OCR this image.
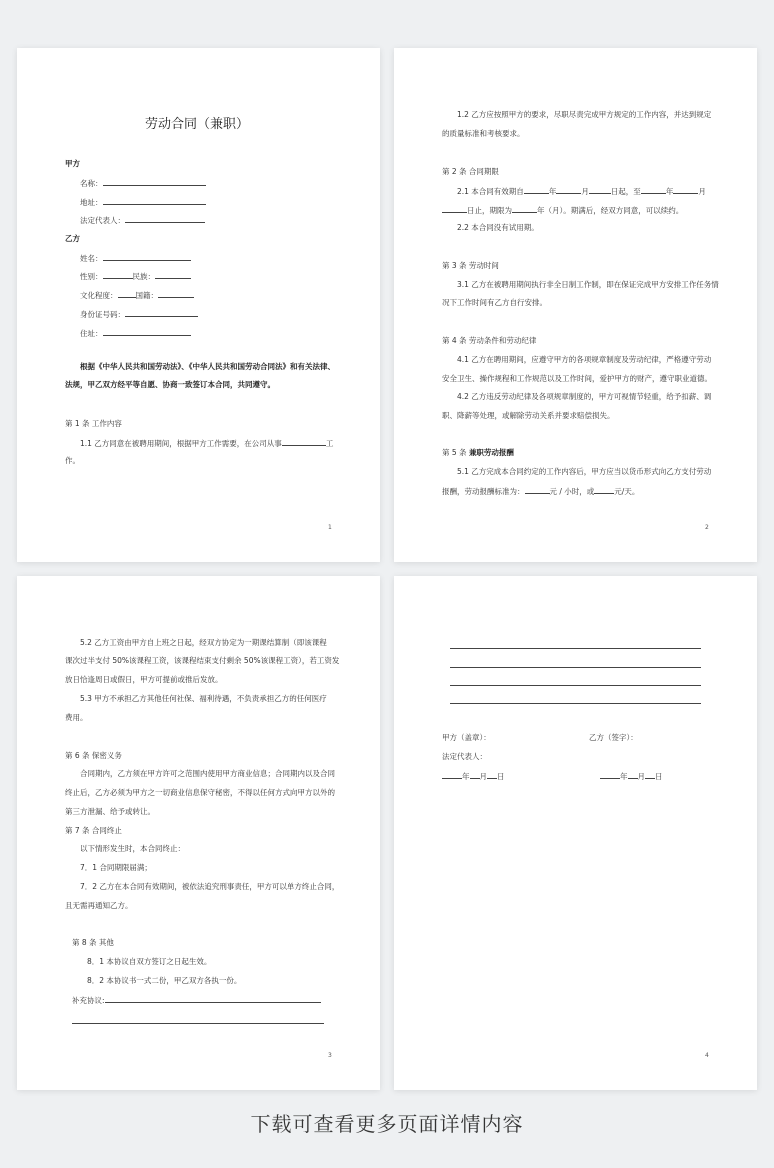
劳动合同（兼职）
甲方
名称：
地址：
法定代表人：
乙方
姓名：
性别：	民族：
文化程度： 国籍：
身份证号码：
住址：
根据《中华人民共和国劳动法》、《中华人民共和国劳动合同法》和有关法律、
法规，甲乙双方经平等自愿、协商一致签订本合同，共同遵守。
第 1 条 工作内容
1.1 乙方同意在被聘用期间，根据甲方工作需要，在公司从事	工
作。
1
1.2 乙方应按照甲方的要求，尽职尽责完成甲方规定的工作内容，并达到规定
的质量标准和考核要求。
第 2 条 合同期限
2.1 本合同有效期自	年	月	日起，至	年	月
日止，期限为	年（月）。期满后，经双方同意，可以续约。
2.2 本合同没有试用期。
第 3 条 劳动时间
3.1 乙方在被聘用期间执行非全日制工作制，即在保证完成甲方安排工作任务情
况下工作时间有乙方自行安排。
第 4 条 劳动条件和劳动纪律
4.1 乙方在聘用期间，应遵守甲方的各项规章制度及劳动纪律，严格遵守劳动
安全卫生、操作规程和工作规范以及工作时间，爱护甲方的财产，遵守职业道德。
4.2 乙方违反劳动纪律及各项规章制度的，甲方可视情节轻重，给予扣薪、调
职、降薪等处理，或解除劳动关系并要求赔偿损失。
第 5 条 兼职劳动报酬
5.1 乙方完成本合同约定的工作内容后，甲方应当以货币形式向乙方支付劳动
报酬，劳动报酬标准为：	元 / 小时，或	元/天。
2
5.2 乙方工资由甲方自上班之日起，经双方协定为一期课结算制（即该课程
课次过半支付 50%该课程工资，该课程结束支付剩余 50%该课程工资），若工资发
放日恰逢周日或假日，甲方可提前或推后发放。
5.3 甲方不承担乙方其他任何社保、福利待遇，不负责承担乙方的任何医疗
费用。
第 6 条 保密义务
合同期内，乙方须在甲方许可之范围内使用甲方商业信息；合同期内以及合同
终止后，乙方必须为甲方之一切商业信息保守秘密，不得以任何方式向甲方以外的
第三方泄漏、给予或转让。
第 7 条 合同终止
以下情形发生时，本合同终止：
7．1 合同期限届满；
7．2 乙方在本合同有效期间，被依法追究刑事责任，甲方可以单方终止合同，
且无需再通知乙方。
第 8 条 其他
8．1 本协议自双方签订之日起生效。
8．2 本协议书一式二份，甲乙双方各执一份。
补充协议:
3
甲方（盖章）：	乙方（签字）：
法定代表人：
年 月 日	年 月 日
4
下载可查看更多页面详情内容
